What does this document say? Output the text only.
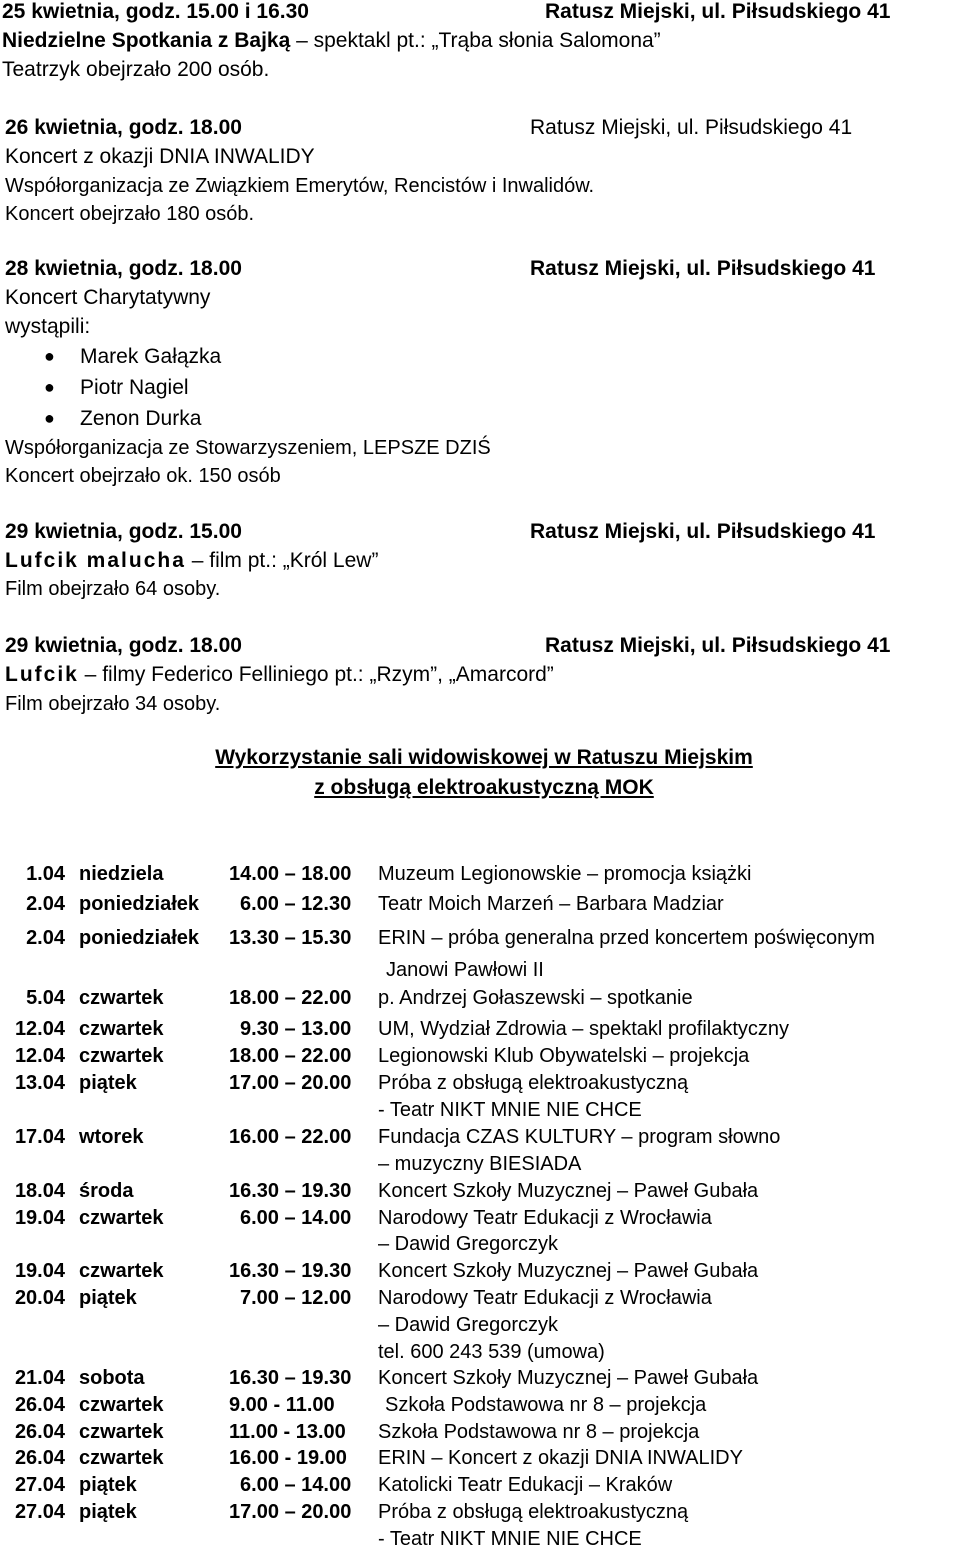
25 kwietnia, godz. 15.00 i 16.30	Ratusz Miejski, ul. Piłsudskiego 41
Niedzielne Spotkania z Bajką – spektakl pt.: „Trąba słonia Salomona”
Teatrzyk obejrzało 200 osób.
26 kwietnia, godz. 18.00	Ratusz Miejski, ul. Piłsudskiego 41
Koncert z okazji DNIA INWALIDY
Współorganizacja ze Związkiem Emerytów, Rencistów i Inwalidów.
Koncert obejrzało 180 osób.
28 kwietnia, godz. 18.00	Ratusz Miejski, ul. Piłsudskiego 41
Koncert Charytatywny
wystąpili:
● Marek Gałązka
● Piotr Nagiel
● Zenon Durka
Współorganizacja ze Stowarzyszeniem, LEPSZE DZIŚ
Koncert obejrzało ok. 150 osób
29 kwietnia, godz. 15.00	Ratusz Miejski, ul. Piłsudskiego 41
Lufcik malucha – film pt.: „Król Lew”
Film obejrzało 64 osoby.
29 kwietnia, godz. 18.00	Ratusz Miejski, ul. Piłsudskiego 41
Lufcik – filmy Federico Felliniego pt.: „Rzym”, „Amarcord”
Film obejrzało 34 osoby.
Wykorzystanie sali widowiskowej w Ratuszu Miejskim
z obsługą elektroakustyczną MOK
1.04 niedziela	14.00 – 18.00 Muzeum Legionowskie – promocja książki
2.04 poniedziałek 6.00 – 12.30 Teatr Moich Marzeń – Barbara Madziar
2.04 poniedziałek 13.30 – 15.30 ERIN – próba generalna przed koncertem poświęconym
Janowi Pawłowi II
5.04 czwartek	18.00 – 22.00 p. Andrzej Gołaszewski – spotkanie
12.04 czwartek	9.30 – 13.00 UM, Wydział Zdrowia – spektakl profilaktyczny
12.04 czwartek	18.00 – 22.00 Legionowski Klub Obywatelski – projekcja
13.04 piątek	17.00 – 20.00 Próba z obsługą elektroakustyczną
- Teatr NIKT MNIE NIE CHCE
17.04 wtorek	16.00 – 22.00 Fundacja CZAS KULTURY – program słowno
– muzyczny BIESIADA
18.04 środa	16.30 – 19.30 Koncert Szkoły Muzycznej – Paweł Gubała
19.04 czwartek	6.00 – 14.00 Narodowy Teatr Edukacji z Wrocławia
– Dawid Gregorczyk
19.04 czwartek	16.30 – 19.30 Koncert Szkoły Muzycznej – Paweł Gubała
20.04 piątek	7.00 – 12.00 Narodowy Teatr Edukacji z Wrocławia
– Dawid Gregorczyk
tel. 600 243 539 (umowa)
21.04 sobota	16.30 – 19.30 Koncert Szkoły Muzycznej – Paweł Gubała
26.04 czwartek	9.00 - 11.00	Szkoła Podstawowa nr 8 – projekcja
26.04 czwartek	11.00 - 13.00 Szkoła Podstawowa nr 8 – projekcja
26.04 czwartek	16.00 - 19.00 ERIN – Koncert z okazji DNIA INWALIDY
27.04 piątek	6.00 – 14.00 Katolicki Teatr Edukacji – Kraków
27.04 piątek	17.00 – 20.00 Próba z obsługą elektroakustyczną
- Teatr NIKT MNIE NIE CHCE
